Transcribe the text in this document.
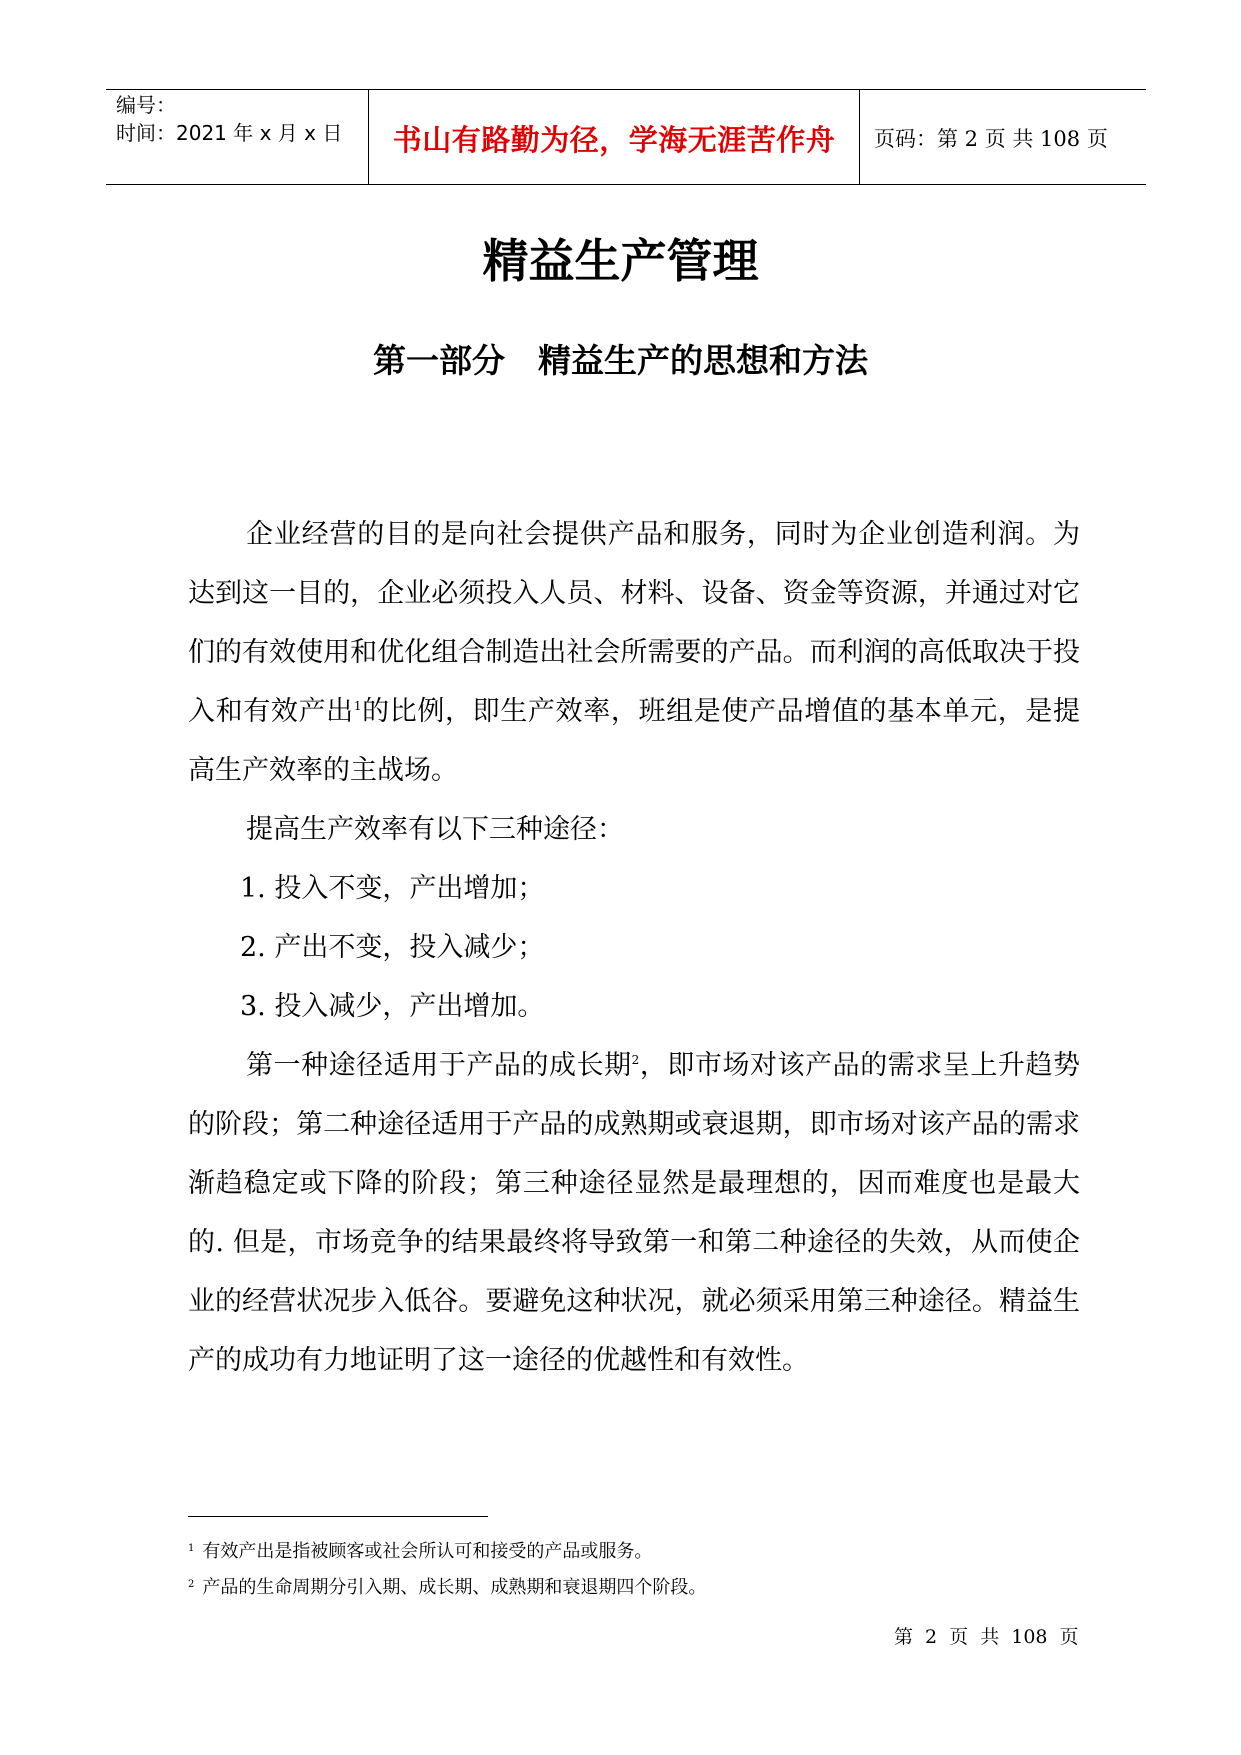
编号：
时间：2021 年 x 月 x 日	书山有路勤为径，学海无涯苦作舟	页码：第 2 页 共 108 页
精益生产管理
第一部分　精益生产的思想和方法

企业经营的目的是向社会提供产品和服务，同时为企业创造利润。为达到这一目的，企业必须投入人员、材料、设备、资金等资源，并通过对它们的有效使用和优化组合制造出社会所需要的产品。而利润的高低取决于投入和有效产出$^1$的比例，即生产效率，班组是使产品增值的基本单元，是提高生产效率的主战场。

提高生产效率有以下三种途径：

1. 投入不变，产出增加；

2. 产出不变，投入减少；

3. 投入减少，产出增加。

第一种途径适用于产品的成长期$^2$，即市场对该产品的需求呈上升趋势的阶段；第二种途径适用于产品的成熟期或衰退期，即市场对该产品的需求渐趋稳定或下降的阶段；第三种途径显然是最理想的，因而难度也是最大的. 但是，市场竞争的结果最终将导致第一和第二种途径的失效，从而使企业的经营状况步入低谷。要避免这种状况，就必须采用第三种途径。精益生产的成功有力地证明了这一途径的优越性和有效性。

$^1$ 有效产出是指被顾客或社会所认可和接受的产品或服务。
$^2$ 产品的生命周期分引入期、成长期、成熟期和衰退期四个阶段。
第 2 页 共 108 页
